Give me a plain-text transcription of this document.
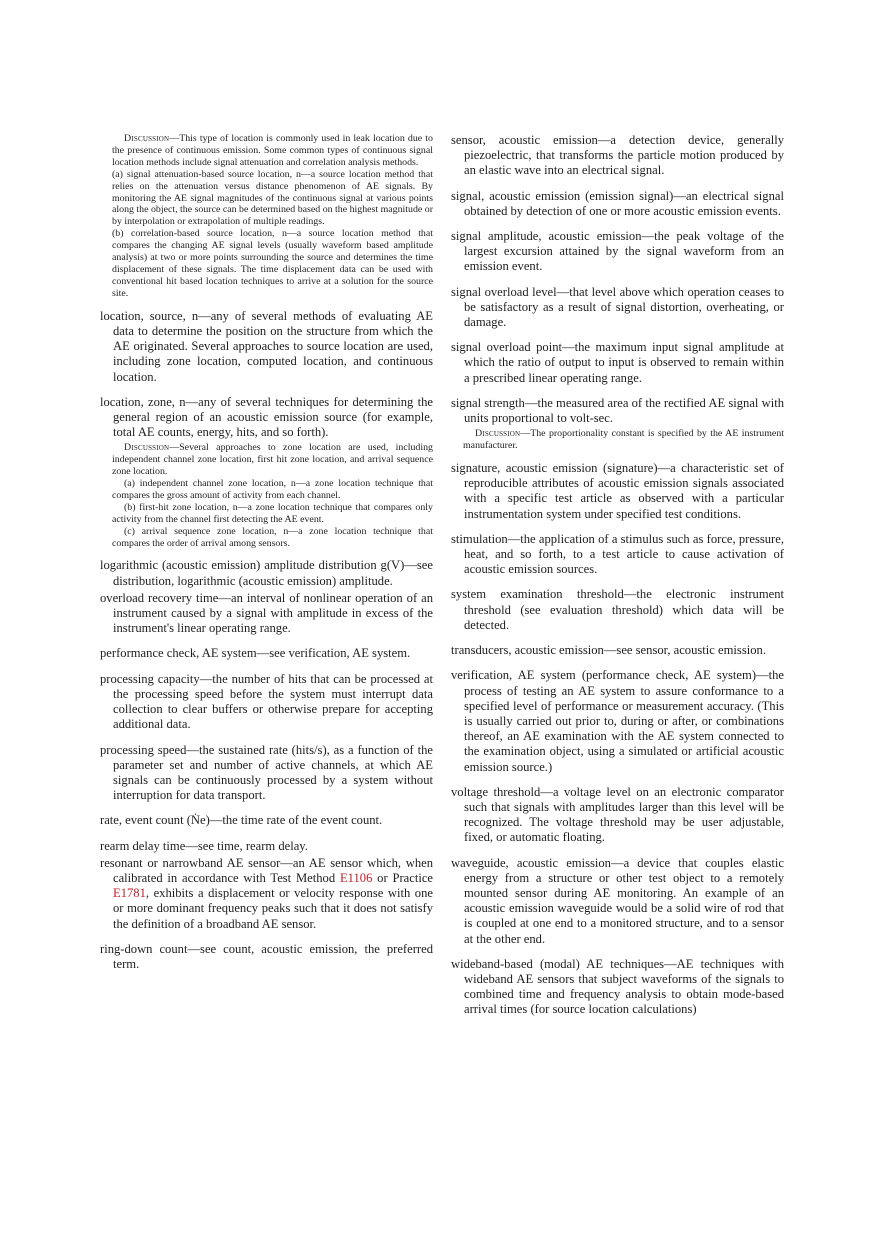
Discussion—This type of location is commonly used in leak location due to the presence of continuous emission. Some common types of continuous signal location methods include signal attenuation and correlation analysis methods.

(a) signal attenuation-based source location, n—a source location method that relies on the attenuation versus distance phenomenon of AE signals. By monitoring the AE signal magnitudes of the continuous signal at various points along the object, the source can be determined based on the highest magnitude or by interpolation or extrapolation of multiple readings.

(b) correlation-based source location, n—a source location method that compares the changing AE signal levels (usually waveform based amplitude analysis) at two or more points surrounding the source and determines the time displacement of these signals. The time displacement data can be used with conventional hit based location techniques to arrive at a solution for the source site.

location, source, n—any of several methods of evaluating AE data to determine the position on the structure from which the AE originated. Several approaches to source location are used, including zone location, computed location, and continuous location.

location, zone, n—any of several techniques for determining the general region of an acoustic emission source (for example, total AE counts, energy, hits, and so forth).

Discussion—Several approaches to zone location are used, including independent channel zone location, first hit zone location, and arrival sequence zone location.

(a) independent channel zone location, n—a zone location technique that compares the gross amount of activity from each channel.

(b) first-hit zone location, n—a zone location technique that compares only activity from the channel first detecting the AE event.

(c) arrival sequence zone location, n—a zone location technique that compares the order of arrival among sensors.

logarithmic (acoustic emission) amplitude distribution g(V)—see distribution, logarithmic (acoustic emission) amplitude.

overload recovery time—an interval of nonlinear operation of an instrument caused by a signal with amplitude in excess of the instrument's linear operating range.

performance check, AE system—see verification, AE system.

processing capacity—the number of hits that can be processed at the processing speed before the system must interrupt data collection to clear buffers or otherwise prepare for accepting additional data.

processing speed—the sustained rate (hits/s), as a function of the parameter set and number of active channels, at which AE signals can be continuously processed by a system without interruption for data transport.

rate, event count (Ṅe)—the time rate of the event count.

rearm delay time—see time, rearm delay.

resonant or narrowband AE sensor—an AE sensor which, when calibrated in accordance with Test Method E1106 or Practice E1781, exhibits a displacement or velocity response with one or more dominant frequency peaks such that it does not satisfy the definition of a broadband AE sensor.

ring-down count—see count, acoustic emission, the preferred term.

sensor, acoustic emission—a detection device, generally piezoelectric, that transforms the particle motion produced by an elastic wave into an electrical signal.

signal, acoustic emission (emission signal)—an electrical signal obtained by detection of one or more acoustic emission events.

signal amplitude, acoustic emission—the peak voltage of the largest excursion attained by the signal waveform from an emission event.

signal overload level—that level above which operation ceases to be satisfactory as a result of signal distortion, overheating, or damage.

signal overload point—the maximum input signal amplitude at which the ratio of output to input is observed to remain within a prescribed linear operating range.

signal strength—the measured area of the rectified AE signal with units proportional to volt-sec.

Discussion—The proportionality constant is specified by the AE instrument manufacturer.

signature, acoustic emission (signature)—a characteristic set of reproducible attributes of acoustic emission signals associated with a specific test article as observed with a particular instrumentation system under specified test conditions.

stimulation—the application of a stimulus such as force, pressure, heat, and so forth, to a test article to cause activation of acoustic emission sources.

system examination threshold—the electronic instrument threshold (see evaluation threshold) which data will be detected.

transducers, acoustic emission—see sensor, acoustic emission.

verification, AE system (performance check, AE system)—the process of testing an AE system to assure conformance to a specified level of performance or measurement accuracy. (This is usually carried out prior to, during or after, or combinations thereof, an AE examination with the AE system connected to the examination object, using a simulated or artificial acoustic emission source.)

voltage threshold—a voltage level on an electronic comparator such that signals with amplitudes larger than this level will be recognized. The voltage threshold may be user adjustable, fixed, or automatic floating.

waveguide, acoustic emission—a device that couples elastic energy from a structure or other test object to a remotely mounted sensor during AE monitoring. An example of an acoustic emission waveguide would be a solid wire of rod that is coupled at one end to a monitored structure, and to a sensor at the other end.

wideband-based (modal) AE techniques—AE techniques with wideband AE sensors that subject waveforms of the signals to combined time and frequency analysis to obtain mode-based arrival times (for source location calculations)
